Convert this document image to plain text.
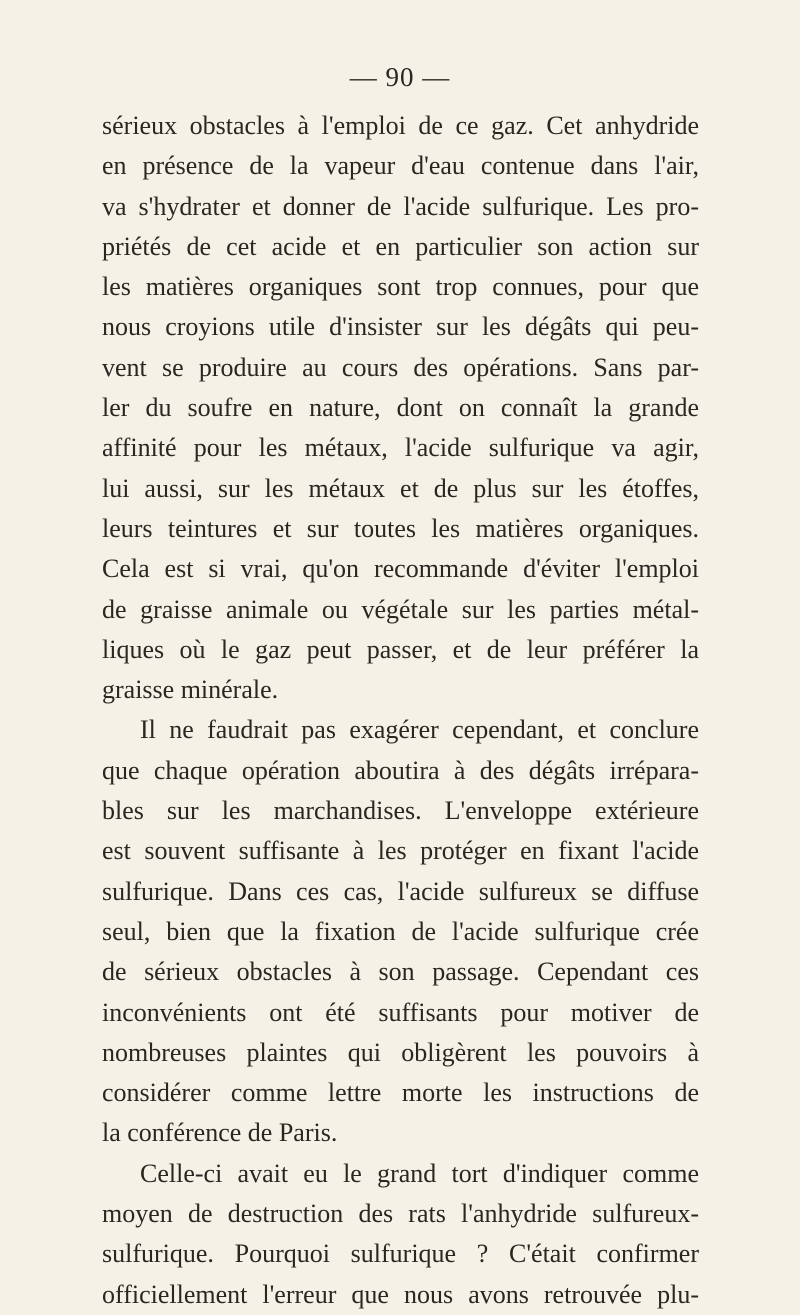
— 90 —
sérieux obstacles à l'emploi de ce gaz. Cet anhydride
en présence de la vapeur d'eau contenue dans l'air,
va s'hydrater et donner de l'acide sulfurique. Les pro-
priétés de cet acide et en particulier son action sur
les matières organiques sont trop connues, pour que
nous croyions utile d'insister sur les dégâts qui peu-
vent se produire au cours des opérations. Sans par-
ler du soufre en nature, dont on connaît la grande
affinité pour les métaux, l'acide sulfurique va agir,
lui aussi, sur les métaux et de plus sur les étoffes,
leurs teintures et sur toutes les matières organiques.
Cela est si vrai, qu'on recommande d'éviter l'emploi
de graisse animale ou végétale sur les parties métal-
liques où le gaz peut passer, et de leur préférer la
graisse minérale.
Il ne faudrait pas exagérer cependant, et conclure
que chaque opération aboutira à des dégâts irrépara-
bles sur les marchandises. L'enveloppe extérieure
est souvent suffisante à les protéger en fixant l'acide
sulfurique. Dans ces cas, l'acide sulfureux se diffuse
seul, bien que la fixation de l'acide sulfurique crée
de sérieux obstacles à son passage. Cependant ces
inconvénients ont été suffisants pour motiver de
nombreuses plaintes qui obligèrent les pouvoirs à
considérer comme lettre morte les instructions de
la conférence de Paris.
Celle-ci avait eu le grand tort d'indiquer comme
moyen de destruction des rats l'anhydride sulfureux-
sulfurique. Pourquoi sulfurique ? C'était confirmer
officiellement l'erreur que nous avons retrouvée plu-
